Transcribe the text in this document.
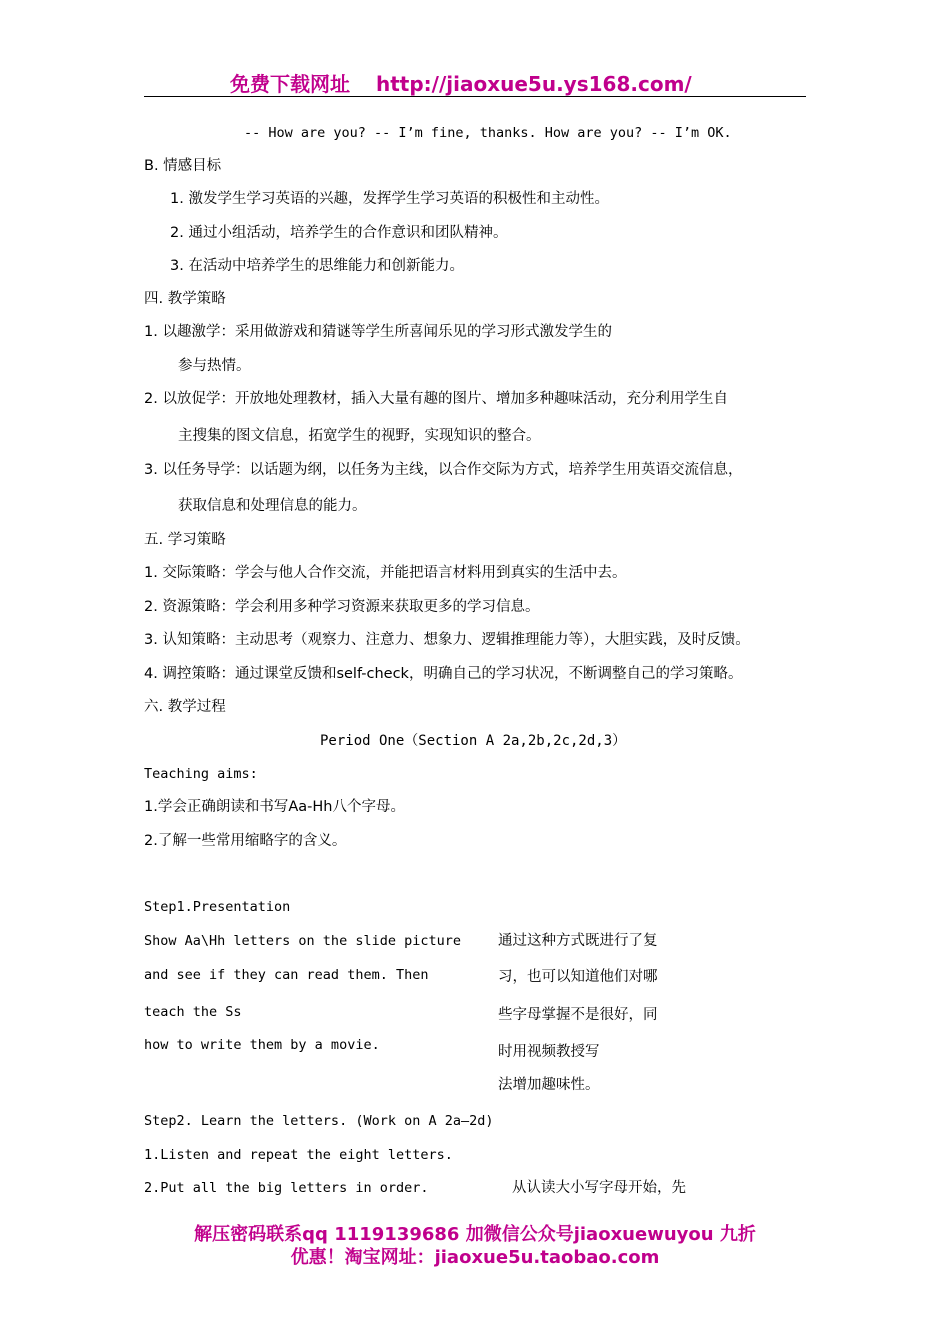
免费下载网址 http://jiaoxue5u.ys168.com/
-- How are you? -- I’m fine, thanks. How are you? -- I’m OK.
B. 情感目标
1. 激发学生学习英语的兴趣，发挥学生学习英语的积极性和主动性。
2. 通过小组活动，培养学生的合作意识和团队精神。
3. 在活动中培养学生的思维能力和创新能力。
四. 教学策略
1. 以趣激学：采用做游戏和猜谜等学生所喜闻乐见的学习形式激发学生的
参与热情。
2. 以放促学：开放地处理教材，插入大量有趣的图片、增加多种趣味活动，充分利用学生自
主搜集的图文信息，拓宽学生的视野，实现知识的整合。
3. 以任务导学：以话题为纲，以任务为主线，以合作交际为方式，培养学生用英语交流信息，
获取信息和处理信息的能力。
五. 学习策略
1. 交际策略：学会与他人合作交流，并能把语言材料用到真实的生活中去。
2. 资源策略：学会利用多种学习资源来获取更多的学习信息。
3. 认知策略：主动思考（观察力、注意力、想象力、逻辑推理能力等），大胆实践，及时反馈。
4. 调控策略：通过课堂反馈和self-check，明确自己的学习状况，不断调整自己的学习策略。
六. 教学过程
Period One（Section A 2a,2b,2c,2d,3）
Teaching aims:
1.学会正确朗读和书写Aa-Hh八个字母。
2.了解一些常用缩略字的含义。
Step1.Presentation
Show Aa\Hh letters on the slide picture
and see if they can read them. Then
teach the Ss
how to write them by a movie.
通过这种方式既进行了复
习，也可以知道他们对哪
些字母掌握不是很好，同
时用视频教授写
法增加趣味性。
Step2. Learn the letters. (Work on A 2a—2d)
1.Listen and repeat the eight letters.
2.Put all the big letters in order.	从认读大小写字母开始，先
解压密码联系qq 1119139686 加微信公众号jiaoxuewuyou 九折
优惠！淘宝网址：jiaoxue5u.taobao.com
